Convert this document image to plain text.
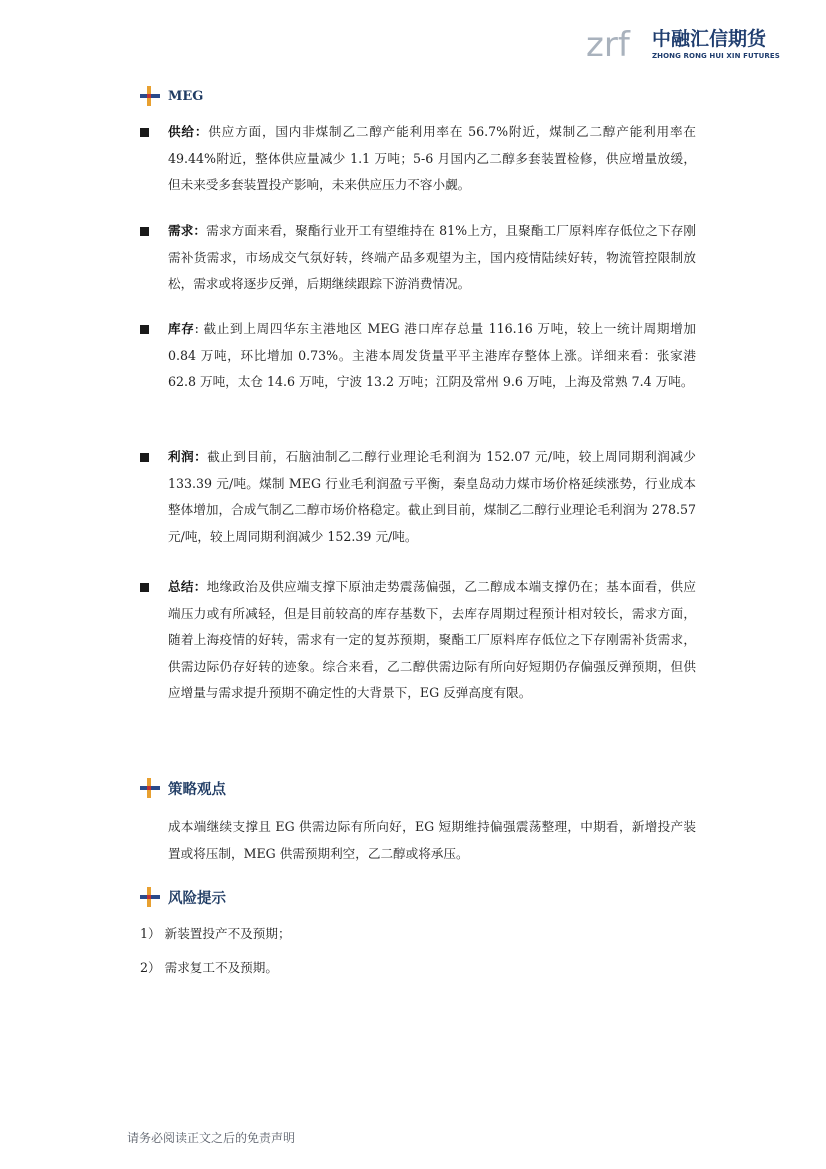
zrf 中融汇信期货
ZHONG RONG HUI XIN FUTURES
MEG
供给：供应方面，国内非煤制乙二醇产能利用率在 56.7%附近，煤制乙二醇产能利用率在 49.44%附近，整体供应量减少 1.1 万吨；5-6 月国内乙二醇多套装置检修，供应增量放缓，但未来受多套装置投产影响，未来供应压力不容小觑。
需求：需求方面来看，聚酯行业开工有望维持在 81%上方，且聚酯工厂原料库存低位之下存刚需补货需求，市场成交气氛好转，终端产品多观望为主，国内疫情陆续好转，物流管控限制放松，需求或将逐步反弹，后期继续跟踪下游消费情况。
库存: 截止到上周四华东主港地区 MEG 港口库存总量 116.16 万吨，较上一统计周期增加 0.84 万吨，环比增加 0.73%。主港本周发货量平平主港库存整体上涨。详细来看：张家港 62.8 万吨，太仓 14.6 万吨，宁波 13.2 万吨；江阴及常州 9.6 万吨，上海及常熟 7.4 万吨。
利润：截止到目前，石脑油制乙二醇行业理论毛利润为 152.07 元/吨，较上周同期利润减少 133.39 元/吨。煤制 MEG 行业毛利润盈亏平衡，秦皇岛动力煤市场价格延续涨势，行业成本整体增加，合成气制乙二醇市场价格稳定。截止到目前，煤制乙二醇行业理论毛利润为 278.57 元/吨，较上周同期利润减少 152.39 元/吨。
总结：地缘政治及供应端支撑下原油走势震荡偏强，乙二醇成本端支撑仍在；基本面看，供应端压力或有所减轻，但是目前较高的库存基数下，去库存周期过程预计相对较长，需求方面，随着上海疫情的好转，需求有一定的复苏预期，聚酯工厂原料库存低位之下存刚需补货需求，供需边际仍存好转的迹象。综合来看，乙二醇供需边际有所向好短期仍存偏强反弹预期，但供应增量与需求提升预期不确定性的大背景下，EG 反弹高度有限。
策略观点
成本端继续支撑且 EG 供需边际有所向好，EG 短期维持偏强震荡整理，中期看，新增投产装置或将压制，MEG 供需预期利空，乙二醇或将承压。
风险提示
1） 新装置投产不及预期；
2） 需求复工不及预期。
请务必阅读正文之后的免责声明
